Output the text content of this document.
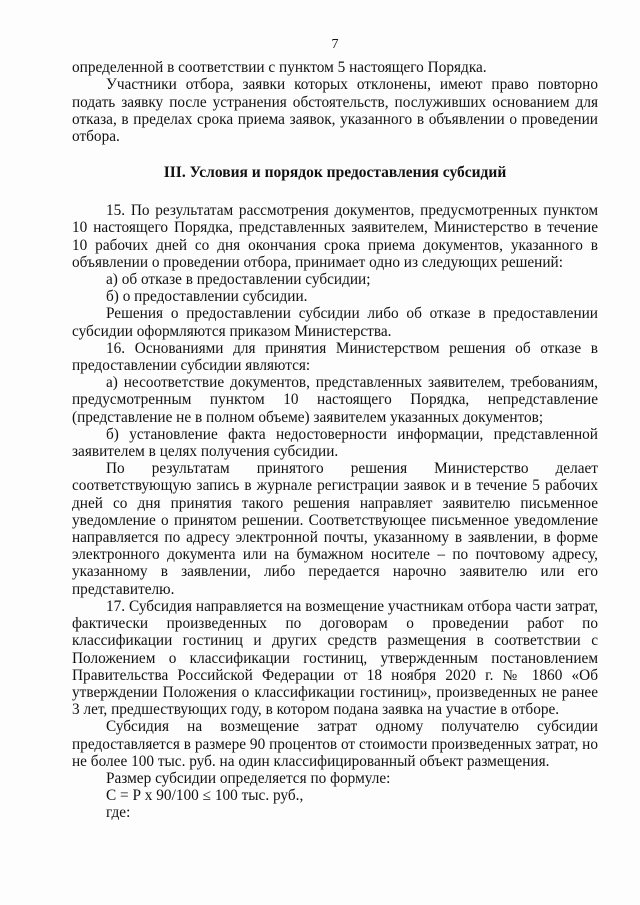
7

определенной в соответствии с пунктом 5 настоящего Порядка.

Участники отбора, заявки которых отклонены, имеют право повторно подать заявку после устранения обстоятельств, послуживших основанием для отказа, в пределах срока приема заявок, указанного в объявлении о проведении отбора.

III. Условия и порядок предоставления субсидий

15. По результатам рассмотрения документов, предусмотренных пунктом 10 настоящего Порядка, представленных заявителем, Министерство в течение 10 рабочих дней со дня окончания срока приема документов, указанного в объявлении о проведении отбора, принимает одно из следующих решений:

а) об отказе в предоставлении субсидии;

б) о предоставлении субсидии.

Решения о предоставлении субсидии либо об отказе в предоставлении субсидии оформляются приказом Министерства.

16. Основаниями для принятия Министерством решения об отказе в предоставлении субсидии являются:

а) несоответствие документов, представленных заявителем, требованиям, предусмотренным пунктом 10 настоящего Порядка, непредставление (представление не в полном объеме) заявителем указанных документов;

б) установление факта недостоверности информации, представленной заявителем в целях получения субсидии.

По результатам принятого решения Министерство делает соответствующую запись в журнале регистрации заявок и в течение 5 рабочих дней со дня принятия такого решения направляет заявителю письменное уведомление о принятом решении. Соответствующее письменное уведомление направляется по адресу электронной почты, указанному в заявлении, в форме электронного документа или на бумажном носителе – по почтовому адресу, указанному в заявлении, либо передается нарочно заявителю или его представителю.

17. Субсидия направляется на возмещение участникам отбора части затрат, фактически произведенных по договорам о проведении работ по классификации гостиниц и других средств размещения в соответствии с Положением о классификации гостиниц, утвержденным постановлением Правительства Российской Федерации от 18 ноября 2020 г. № 1860 «Об утверждении Положения о классификации гостиниц», произведенных не ранее 3 лет, предшествующих году, в котором подана заявка на участие в отборе.

Субсидия на возмещение затрат одному получателю субсидии предоставляется в размере 90 процентов от стоимости произведенных затрат, но не более 100 тыс. руб. на один классифицированный объект размещения.

Размер субсидии определяется по формуле:

С = Р х 90/100 ≤ 100 тыс. руб.,

где:
